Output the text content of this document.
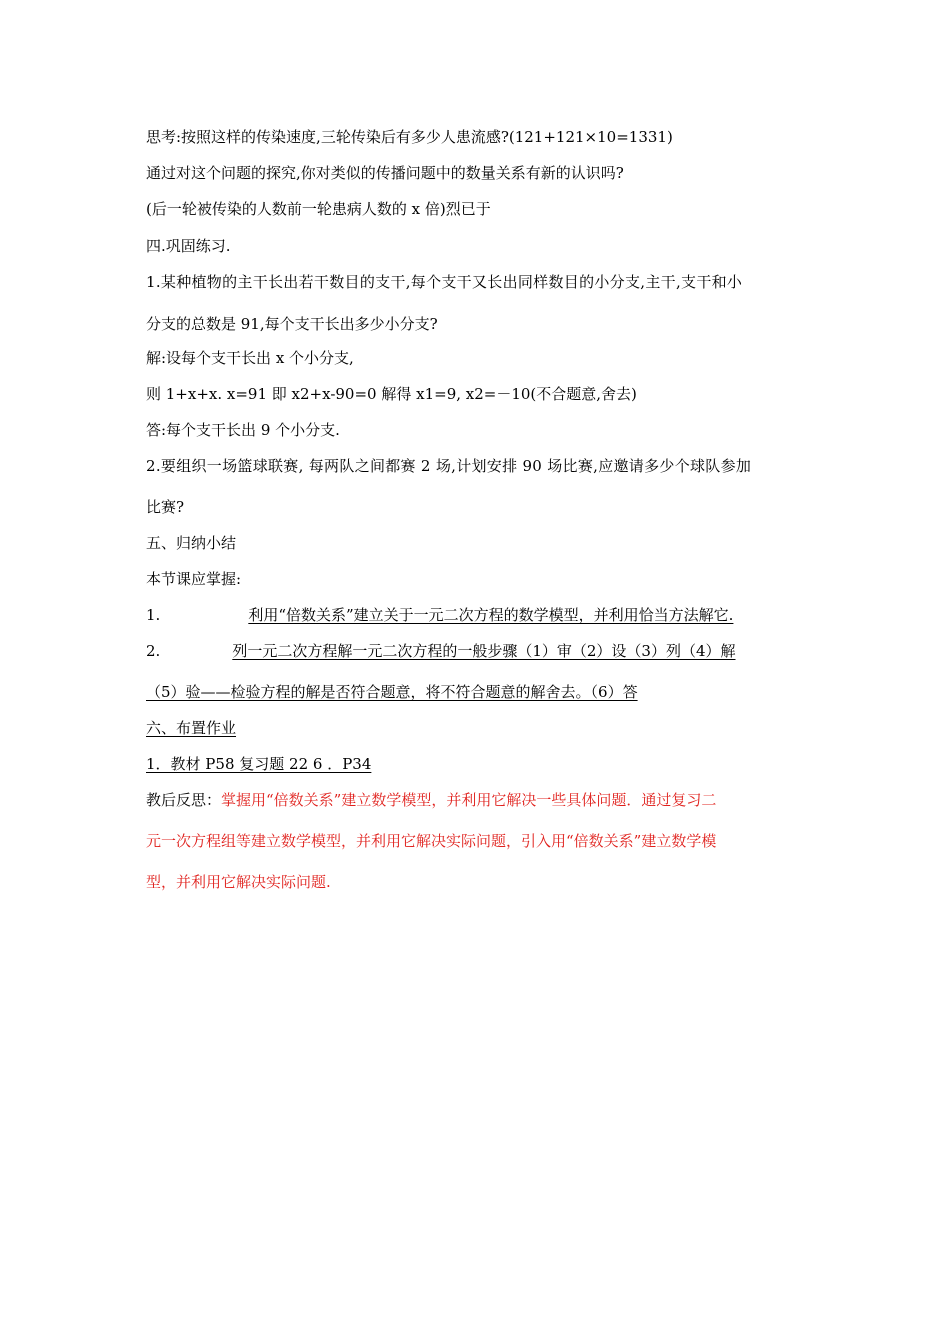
思考:按照这样的传染速度,三轮传染后有多少人患流感?(121+121×10=1331)
通过对这个问题的探究,你对类似的传播问题中的数量关系有新的认识吗?
(后一轮被传染的人数前一轮患病人数的 x 倍)烈已于
四.巩固练习.
1.某种植物的主干长出若干数目的支干,每个支干又长出同样数目的小分支,主干,支干和小
分支的总数是 91,每个支干长出多少小分支?
解:设每个支干长出 x 个小分支,
则 1+x+x. x=91 即 x2+x-90=0 解得 x1=9, x2=－10(不合题意,舍去)
答:每个支干长出 9 个小分支.
2.要组织一场篮球联赛, 每两队之间都赛 2 场,计划安排 90 场比赛,应邀请多少个球队参加
比赛?
五、归纳小结
本节课应掌握:
1.	利用“倍数关系”建立关于一元二次方程的数学模型，并利用恰当方法解它.
2.	列一元二次方程解一元二次方程的一般步骤（1）审（2）设（3）列（4）解
（5）验——检验方程的解是否符合题意，将不符合题意的解舍去。（6）答
六、布置作业
1．教材 P58 复习题 22 6 ．P34
教后反思：掌握用“倍数关系”建立数学模型，并利用它解决一些具体问题．通过复习二
元一次方程组等建立数学模型，并利用它解决实际问题，引入用“倍数关系”建立数学模
型，并利用它解决实际问题.
